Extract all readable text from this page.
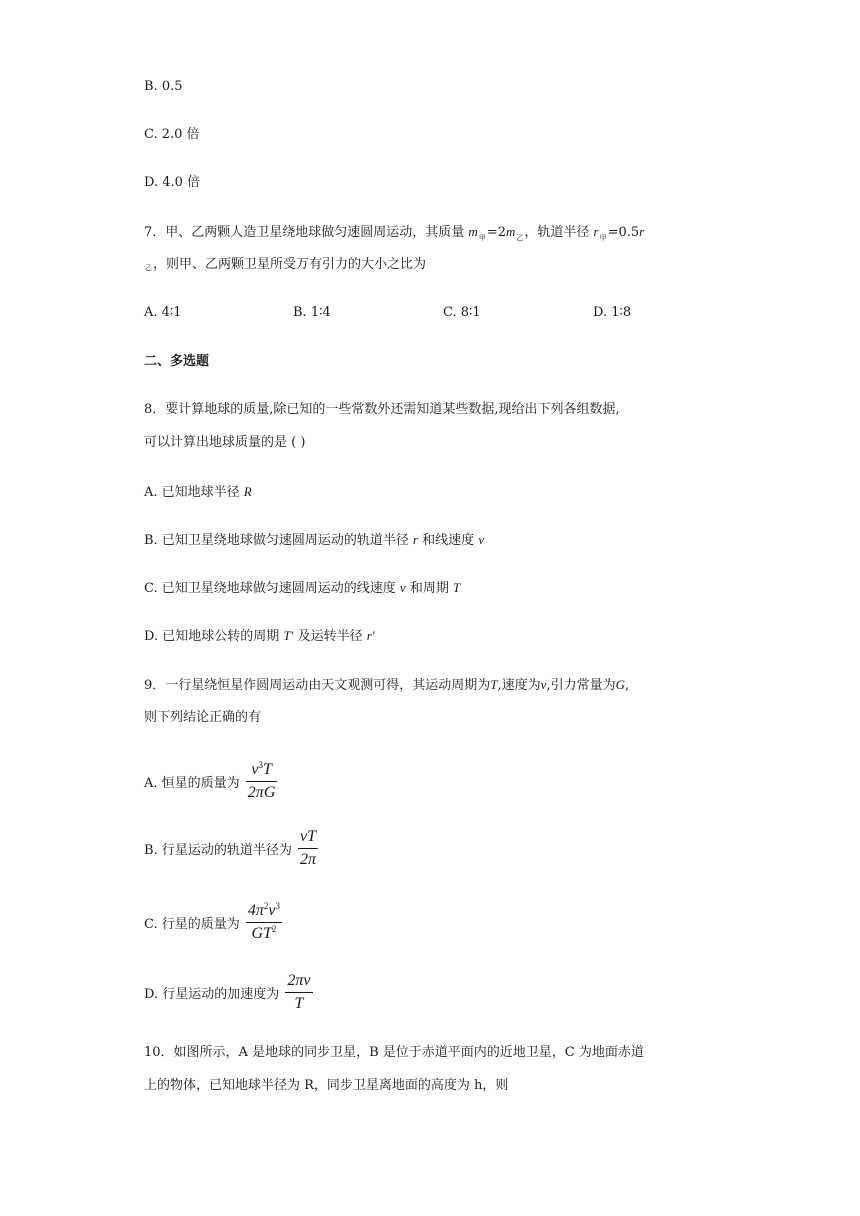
B. 0.5
C. 2.0 倍
D. 4.0 倍
7．甲、乙两颗人造卫星绕地球做匀速圆周运动，其质量 $m_甲=2m_乙$，轨道半径 $r_甲=0.5r$
乙，则甲、乙两颗卫星所受万有引力的大小之比为
A. 4∶1	B. 1∶4	C. 8∶1	D. 1∶8
二、多选题
8．要计算地球的质量,除已知的一些常数外还需知道某些数据,现给出下列各组数据,
可以计算出地球质量的是 ( )
A. 已知地球半径 R
B. 已知卫星绕地球做匀速圆周运动的轨道半径 r 和线速度 v
C. 已知卫星绕地球做匀速圆周运动的线速度 v 和周期 T
D. 已知地球公转的周期 T′ 及运转半径 r′
9．一行星绕恒星作圆周运动由天文观测可得，其运动周期为T,速度为v,引力常量为G,
则下列结论正确的有
A. 恒星的质量为 $\frac{v^3T}{2\pi G}$
B. 行星运动的轨道半径为 $\frac{vT}{2\pi}$
C. 行星的质量为 $\frac{4\pi^2v^3}{GT^2}$
D. 行星运动的加速度为 $\frac{2\pi v}{T}$
10．如图所示，A 是地球的同步卫星，B 是位于赤道平面内的近地卫星，C 为地面赤道
上的物体，已知地球半径为 R，同步卫星离地面的高度为 h，则
